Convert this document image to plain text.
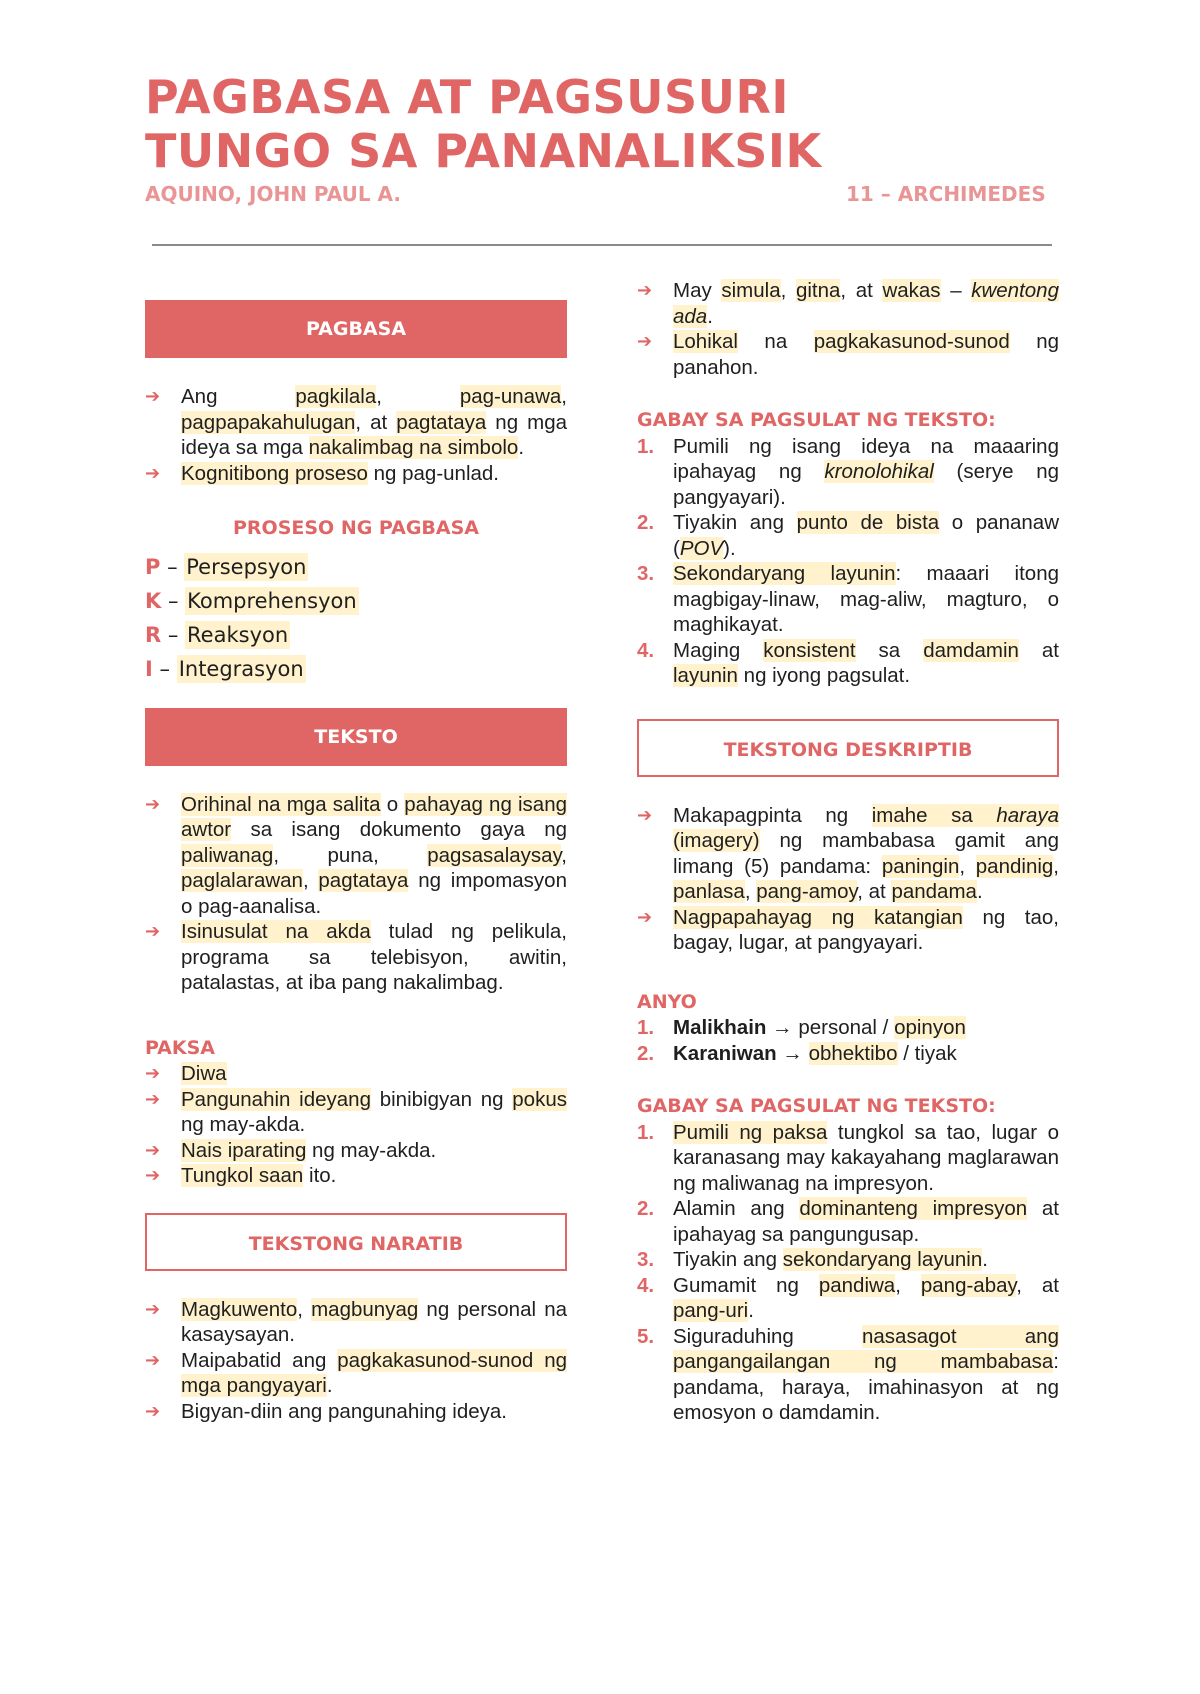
PAGBASA AT PAGSUSURI
TUNGO SA PANANALIKSIK
AQUINO, JOHN PAUL A.	11 – ARCHIMEDES
PAGBASA
➔ Ang pagkilala, pag-unawa, pagpapakahulugan, at pagtataya ng mga ideya sa mga nakalimbag na simbolo.
➔ Kognitibong proseso ng pag-unlad.
PROSESO NG PAGBASA
P – Persepsyon
K – Komprehensyon
R – Reaksyon
I – Integrasyon
TEKSTO
➔ Orihinal na mga salita o pahayag ng isang awtor sa isang dokumento gaya ng paliwanag, puna, pagsasalaysay, paglalarawan, pagtataya ng impomasyon o pag-aanalisa.
➔ Isinusulat na akda tulad ng pelikula, programa sa telebisyon, awitin, patalastas, at iba pang nakalimbag.
PAKSA
➔ Diwa
➔ Pangunahin ideyang binibigyan ng pokus ng may-akda.
➔ Nais iparating ng may-akda.
➔ Tungkol saan ito.
TEKSTONG NARATIB
➔ Magkuwento, magbunyag ng personal na kasaysayan.
➔ Maipabatid ang pagkakasunod-sunod ng mga pangyayari.
➔ Bigyan-diin ang pangunahing ideya.
➔ May simula, gitna, at wakas – kwentong ada.
➔ Lohikal na pagkakasunod-sunod ng panahon.
GABAY SA PAGSULAT NG TEKSTO:
Pumili ng isang ideya na maaaring ipahayag ng kronolohikal (serye ng pangyayari).
Tiyakin ang punto de bista o pananaw (POV).
Sekondaryang layunin: maaari itong magbigay-linaw, mag-aliw, magturo, o maghikayat.
Maging konsistent sa damdamin at layunin ng iyong pagsulat.
TEKSTONG DESKRIPTIB
➔ Makapagpinta ng imahe sa haraya (imagery) ng mambabasa gamit ang limang (5) pandama: paningin, pandinig, panlasa, pang-amoy, at pandama.
➔ Nagpapahayag ng katangian ng tao, bagay, lugar, at pangyayari.
ANYO
Malikhain → personal / opinyon
Karaniwan → obhektibo / tiyak
GABAY SA PAGSULAT NG TEKSTO:
Pumili ng paksa tungkol sa tao, lugar o karanasang may kakayahang maglarawan ng maliwanag na impresyon.
Alamin ang dominanteng impresyon at ipahayag sa pangungusap.
Tiyakin ang sekondaryang layunin.
Gumamit ng pandiwa, pang-abay, at pang-uri.
Siguraduhing nasasagot ang pangangailangan ng mambabasa: pandama, haraya, imahinasyon at ng emosyon o damdamin.
